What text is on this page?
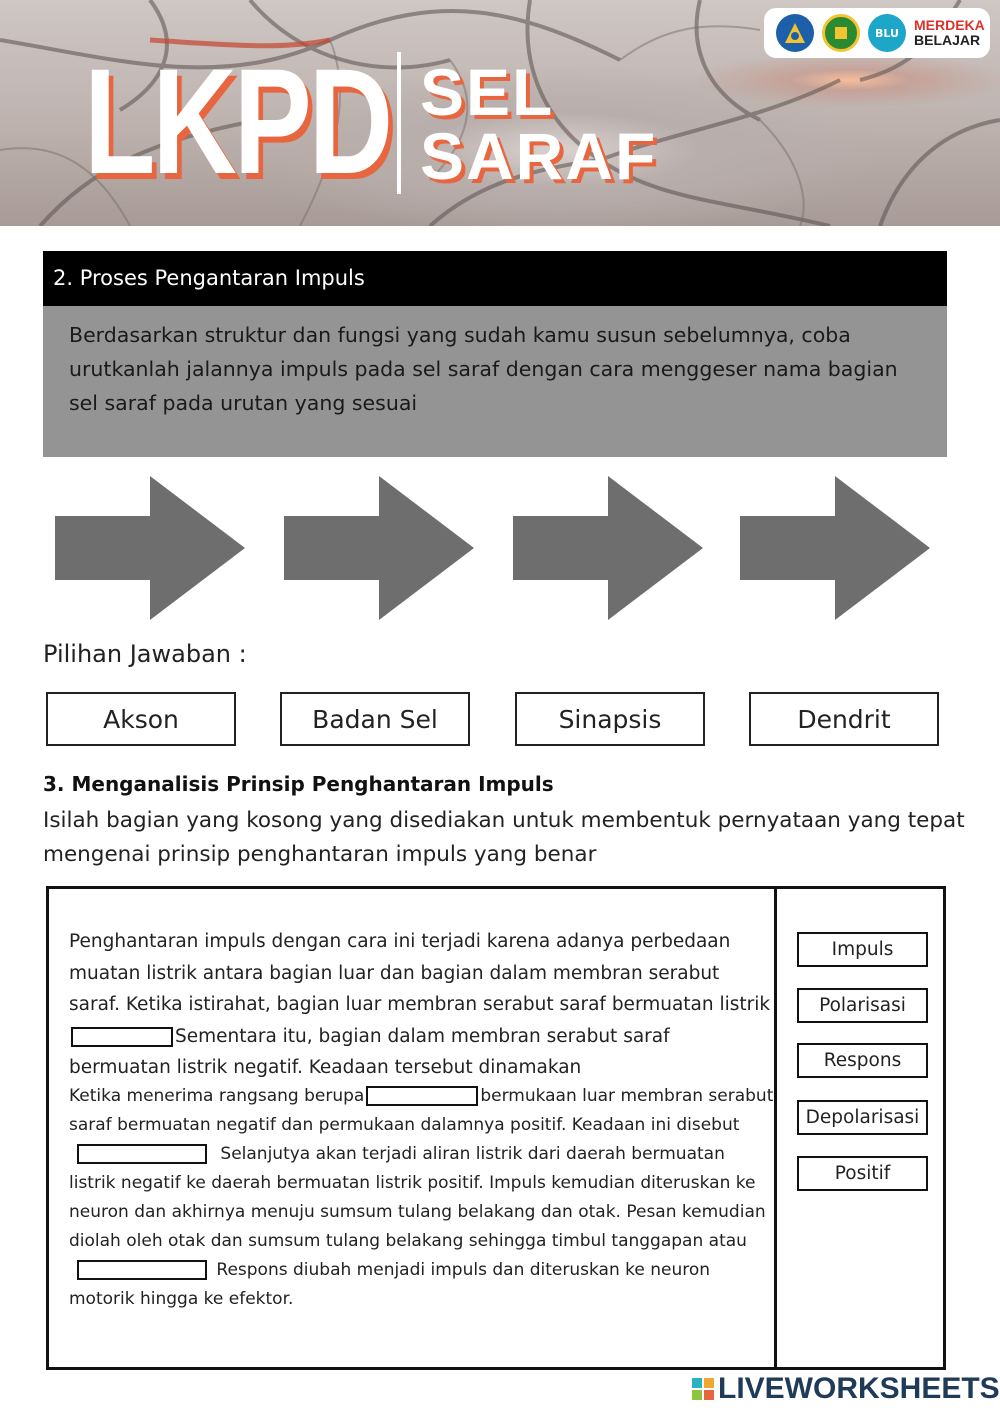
LKPD SEL
SARAF
BLU	MERDEKA
BELAJAR
2. Proses Pengantaran Impuls
Berdasarkan struktur dan fungsi yang sudah kamu susun sebelumnya, coba urutkanlah jalannya impuls pada sel saraf dengan cara menggeser nama bagian sel saraf pada urutan yang sesuai
Pilihan Jawaban :
Akson	Badan Sel	Sinapsis	Dendrit
3. Menganalisis Prinsip Penghantaran Impuls
Isilah bagian yang kosong yang disediakan untuk membentuk pernyataan yang tepat mengenai prinsip penghantaran impuls yang benar
Penghantaran impuls dengan cara ini terjadi karena adanya perbedaan muatan listrik antara bagian luar dan bagian dalam membran serabut saraf. Ketika istirahat, bagian luar membran serabut saraf bermuatan listrikSementara itu, bagian dalam membran serabut saraf bermuatan listrik negatif. Keadaan tersebut dinamakan
Ketika menerima rangsang berupa	bermukaan luar membran serabut saraf bermuatan negatif dan permukaan dalamnya positif. Keadaan ini disebut Selanjutya akan terjadi aliran listrik dari daerah bermuatan listrik negatif ke daerah bermuatan listrik positif. Impuls kemudian diteruskan ke neuron dan akhirnya menuju sumsum tulang belakang dan otak. Pesan kemudian diolah oleh otak dan sumsum tulang belakang sehingga timbul tanggapan atau Respons diubah menjadi impuls dan diteruskan ke neuron motorik hingga ke efektor.
Impuls
Polarisasi
Respons
Depolarisasi
Positif
LIVEWORKSHEETS
